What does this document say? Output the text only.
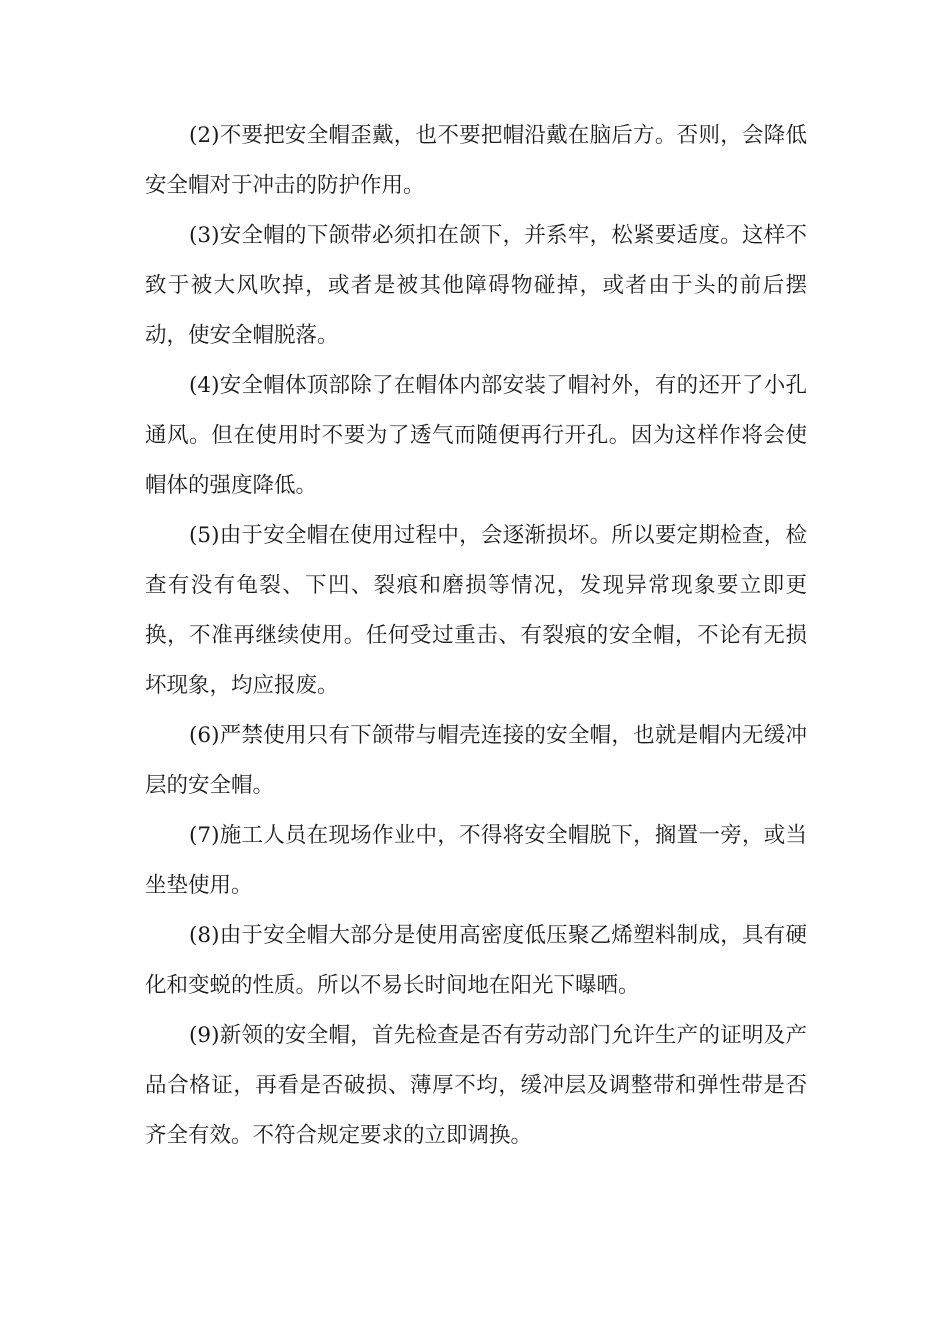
(2)不要把安全帽歪戴，也不要把帽沿戴在脑后方。否则，会降低安全帽对于冲击的防护作用。

(3)安全帽的下颌带必须扣在颌下，并系牢，松紧要适度。这样不致于被大风吹掉，或者是被其他障碍物碰掉，或者由于头的前后摆动，使安全帽脱落。

(4)安全帽体顶部除了在帽体内部安装了帽衬外，有的还开了小孔通风。但在使用时不要为了透气而随便再行开孔。因为这样作将会使帽体的强度降低。

(5)由于安全帽在使用过程中，会逐渐损坏。所以要定期检查，检查有没有龟裂、下凹、裂痕和磨损等情况，发现异常现象要立即更换，不准再继续使用。任何受过重击、有裂痕的安全帽，不论有无损坏现象，均应报废。

(6)严禁使用只有下颌带与帽壳连接的安全帽，也就是帽内无缓冲层的安全帽。

(7)施工人员在现场作业中，不得将安全帽脱下，搁置一旁，或当坐垫使用。

(8)由于安全帽大部分是使用高密度低压聚乙烯塑料制成，具有硬化和变蜕的性质。所以不易长时间地在阳光下曝晒。

(9)新领的安全帽，首先检查是否有劳动部门允许生产的证明及产品合格证，再看是否破损、薄厚不均，缓冲层及调整带和弹性带是否齐全有效。不符合规定要求的立即调换。
